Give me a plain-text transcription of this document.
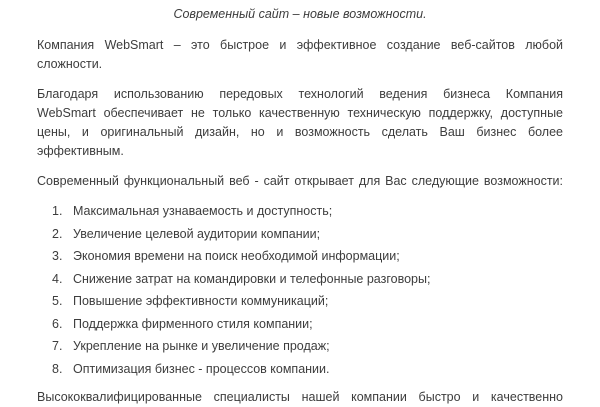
Современный сайт – новые возможности.
Компания WebSmart – это быстрое и эффективное создание веб-сайтов любой
сложности.
Благодаря использованию передовых технологий ведения бизнеса Компания
WebSmart обеспечивает не только качественную техническую поддержку, доступные
цены, и оригинальный дизайн, но и возможность сделать Ваш бизнес более
эффективным.
Современный функциональный веб - сайт открывает для Вас следующие возможности:
1. Максимальная узнаваемость и доступность;
2. Увеличение целевой аудитории компании;
3. Экономия времени на поиск необходимой информации;
4. Снижение затрат на командировки и телефонные разговоры;
5. Повышение эффективности коммуникаций;
6. Поддержка фирменного стиля компании;
7. Укрепление на рынке и увеличение продаж;
8. Оптимизация бизнес - процессов компании.
Высококвалифицированные специалисты нашей компании быстро и качественно
